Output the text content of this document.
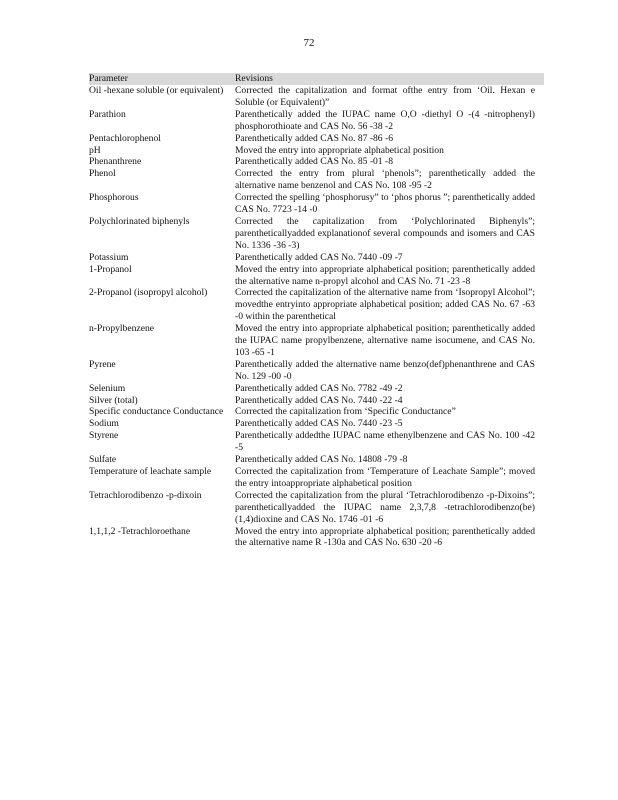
72
Parameter	Revisions
Oil -hexane soluble (or equivalent)	Corrected the capitalization and format ofthe entry from ‘Oil. Hexan e Soluble (or Equivalent)”
Parathion	Parenthetically added the IUPAC name O,O -diethyl O -(4 -nitrophenyl) phosphorothioate and CAS No. 56 -38 -2
Pentachlorophenol	Parenthetically added CAS No. 87 -86 -6
pH	Moved the entry into appropriate alphabetical position
Phenanthrene	Parenthetically added CAS No. 85 -01 -8
Phenol	Corrected the entry from plural ‘phenols”; parenthetically added the alternative name benzenol and CAS No. 108 -95 -2
Phosphorous	Corrected the spelling ‘phosphorusy” to ‘phos phorus ”; parenthetically added CAS No. 7723 -14 -0
Polychlorinated biphenyls	Corrected the capitalization from ‘Polychlorinated Biphenyls”; parentheticallyadded explanationof several compounds and isomers and CAS No. 1336 -36 -3)
Potassium	Parenthetically added CAS No. 7440 -09 -7
1-Propanol	Moved the entry into appropriate alphabetical position; parenthetically added the alternative name n-propyl alcohol and CAS No. 71 -23 -8
2-Propanol (isopropyl alcohol)	Corrected the capitalization of the alternative name from ‘Isopropyl Alcohol”; movedthe entryinto appropriate alphabetical position; added CAS No. 67 -63 -0 within the parenthetical
n-Propylbenzene	Moved the entry into appropriate alphabetical position; parenthetically added the IUPAC name propylbenzene, alternative name isocumene, and CAS No. 103 -65 -1
Pyrene	Parenthetically added the alternative name benzo(def)phenanthrene and CAS No. 129 -00 -0
Selenium	Parenthetically added CAS No. 7782 -49 -2
Silver (total)	Parenthetically added CAS No. 7440 -22 -4
Specific conductance Conductance	Corrected the capitalization from ‘Specific Conductance”
Sodium	Parenthetically added CAS No. 7440 -23 -5
Styrene	Parenthetically addedthe IUPAC name ethenylbenzene and CAS No. 100 -42 -5
Sulfate	Parenthetically added CAS No. 14808 -79 -8
Temperature of leachate sample	Corrected the capitalization from ‘Temperature of Leachate Sample”; moved the entry intoappropriate alphabetical position
Tetrachlorodibenzo -p-dixoin	Corrected the capitalization from the plural ‘Tetrachlorodibenzo -p-Dixoins”; parentheticallyadded the IUPAC name 2,3,7,8 -tetrachlorodibenzo(be)(1,4)dioxine and CAS No. 1746 -01 -6
1,1,1,2 -Tetrachloroethane	Moved the entry into appropriate alphabetical position; parenthetically added the alternative name R -130a and CAS No. 630 -20 -6
